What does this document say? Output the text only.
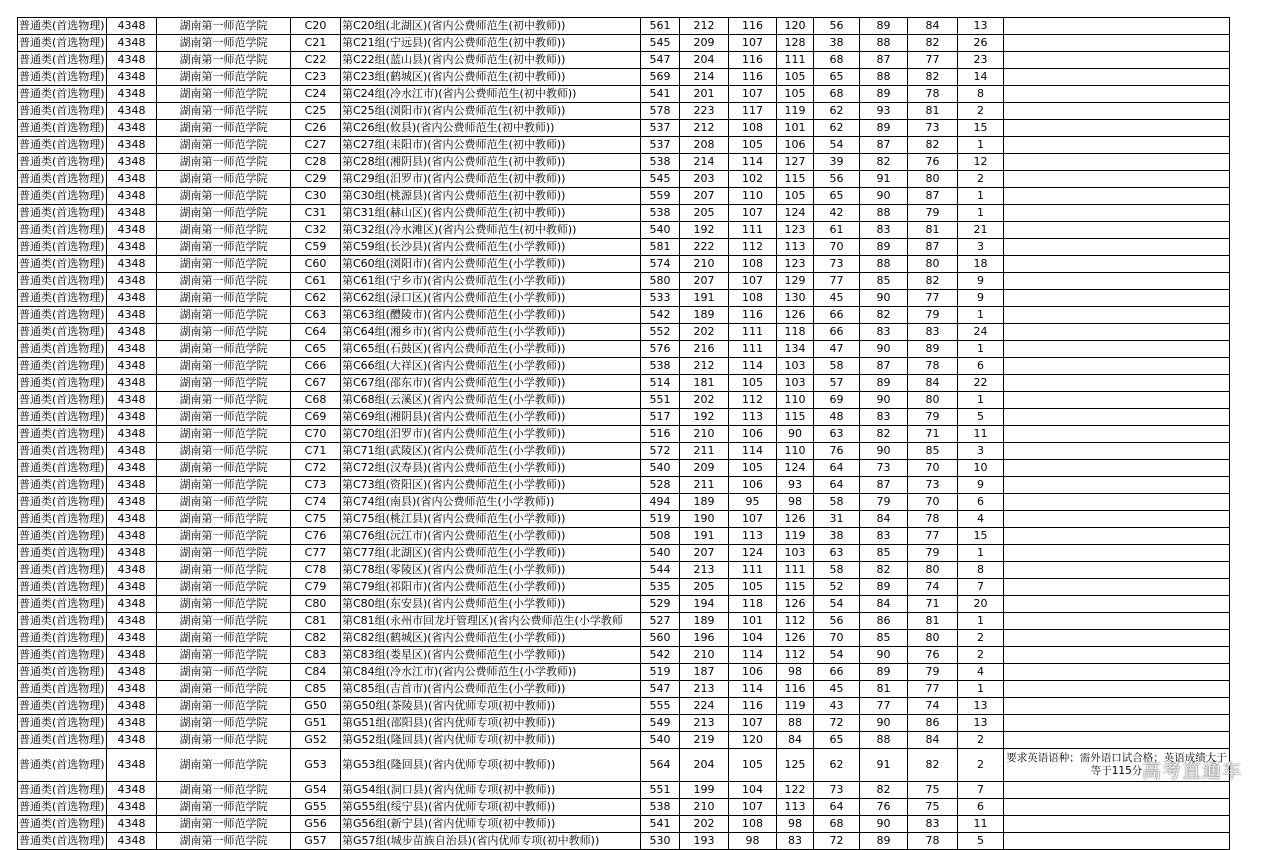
普通类(首选物理)	4348	湖南第一师范学院	C20	第C20组(北湖区)(省内公费师范生(初中教师))	561	212	116	120	56	89	84	13	
普通类(首选物理)	4348	湖南第一师范学院	C21	第C21组(宁远县)(省内公费师范生(初中教师))	545	209	107	128	38	88	82	26	
普通类(首选物理)	4348	湖南第一师范学院	C22	第C22组(蓝山县)(省内公费师范生(初中教师))	547	204	116	111	68	87	77	23	
普通类(首选物理)	4348	湖南第一师范学院	C23	第C23组(鹤城区)(省内公费师范生(初中教师))	569	214	116	105	65	88	82	14	
普通类(首选物理)	4348	湖南第一师范学院	C24	第C24组(冷水江市)(省内公费师范生(初中教师))	541	201	107	105	68	89	78	8	
普通类(首选物理)	4348	湖南第一师范学院	C25	第C25组(浏阳市)(省内公费师范生(初中教师))	578	223	117	119	62	93	81	2	
普通类(首选物理)	4348	湖南第一师范学院	C26	第C26组(攸县)(省内公费师范生(初中教师))	537	212	108	101	62	89	73	15	
普通类(首选物理)	4348	湖南第一师范学院	C27	第C27组(耒阳市)(省内公费师范生(初中教师))	537	208	105	106	54	87	82	1	
普通类(首选物理)	4348	湖南第一师范学院	C28	第C28组(湘阴县)(省内公费师范生(初中教师))	538	214	114	127	39	82	76	12	
普通类(首选物理)	4348	湖南第一师范学院	C29	第C29组(汨罗市)(省内公费师范生(初中教师))	545	203	102	115	56	91	80	2	
普通类(首选物理)	4348	湖南第一师范学院	C30	第C30组(桃源县)(省内公费师范生(初中教师))	559	207	110	105	65	90	87	1	
普通类(首选物理)	4348	湖南第一师范学院	C31	第C31组(赫山区)(省内公费师范生(初中教师))	538	205	107	124	42	88	79	1	
普通类(首选物理)	4348	湖南第一师范学院	C32	第C32组(冷水滩区)(省内公费师范生(初中教师))	540	192	111	123	61	83	81	21	
普通类(首选物理)	4348	湖南第一师范学院	C59	第C59组(长沙县)(省内公费师范生(小学教师))	581	222	112	113	70	89	87	3	
普通类(首选物理)	4348	湖南第一师范学院	C60	第C60组(浏阳市)(省内公费师范生(小学教师))	574	210	108	123	73	88	80	18	
普通类(首选物理)	4348	湖南第一师范学院	C61	第C61组(宁乡市)(省内公费师范生(小学教师))	580	207	107	129	77	85	82	9	
普通类(首选物理)	4348	湖南第一师范学院	C62	第C62组(渌口区)(省内公费师范生(小学教师))	533	191	108	130	45	90	77	9	
普通类(首选物理)	4348	湖南第一师范学院	C63	第C63组(醴陵市)(省内公费师范生(小学教师))	542	189	116	126	66	82	79	1	
普通类(首选物理)	4348	湖南第一师范学院	C64	第C64组(湘乡市)(省内公费师范生(小学教师))	552	202	111	118	66	83	83	24	
普通类(首选物理)	4348	湖南第一师范学院	C65	第C65组(石鼓区)(省内公费师范生(小学教师))	576	216	111	134	47	90	89	1	
普通类(首选物理)	4348	湖南第一师范学院	C66	第C66组(大祥区)(省内公费师范生(小学教师))	538	212	114	103	58	87	78	6	
普通类(首选物理)	4348	湖南第一师范学院	C67	第C67组(邵东市)(省内公费师范生(小学教师))	514	181	105	103	57	89	84	22	
普通类(首选物理)	4348	湖南第一师范学院	C68	第C68组(云溪区)(省内公费师范生(小学教师))	551	202	112	110	69	90	80	1	
普通类(首选物理)	4348	湖南第一师范学院	C69	第C69组(湘阴县)(省内公费师范生(小学教师))	517	192	113	115	48	83	79	5	
普通类(首选物理)	4348	湖南第一师范学院	C70	第C70组(汨罗市)(省内公费师范生(小学教师))	516	210	106	90	63	82	71	11	
普通类(首选物理)	4348	湖南第一师范学院	C71	第C71组(武陵区)(省内公费师范生(小学教师))	572	211	114	110	76	90	85	3	
普通类(首选物理)	4348	湖南第一师范学院	C72	第C72组(汉寿县)(省内公费师范生(小学教师))	540	209	105	124	64	73	70	10	
普通类(首选物理)	4348	湖南第一师范学院	C73	第C73组(资阳区)(省内公费师范生(小学教师))	528	211	106	93	64	87	73	9	
普通类(首选物理)	4348	湖南第一师范学院	C74	第C74组(南县)(省内公费师范生(小学教师))	494	189	95	98	58	79	70	6	
普通类(首选物理)	4348	湖南第一师范学院	C75	第C75组(桃江县)(省内公费师范生(小学教师))	519	190	107	126	31	84	78	4	
普通类(首选物理)	4348	湖南第一师范学院	C76	第C76组(沅江市)(省内公费师范生(小学教师))	508	191	113	119	38	83	77	15	
普通类(首选物理)	4348	湖南第一师范学院	C77	第C77组(北湖区)(省内公费师范生(小学教师))	540	207	124	103	63	85	79	1	
普通类(首选物理)	4348	湖南第一师范学院	C78	第C78组(零陵区)(省内公费师范生(小学教师))	544	213	111	111	58	82	80	8	
普通类(首选物理)	4348	湖南第一师范学院	C79	第C79组(祁阳市)(省内公费师范生(小学教师))	535	205	105	115	52	89	74	7	
普通类(首选物理)	4348	湖南第一师范学院	C80	第C80组(东安县)(省内公费师范生(小学教师))	529	194	118	126	54	84	71	20	
普通类(首选物理)	4348	湖南第一师范学院	C81	第C81组(永州市回龙圩管理区)(省内公费师范生(小学教师	527	189	101	112	56	86	81	1	
普通类(首选物理)	4348	湖南第一师范学院	C82	第C82组(鹤城区)(省内公费师范生(小学教师))	560	196	104	126	70	85	80	2	
普通类(首选物理)	4348	湖南第一师范学院	C83	第C83组(娄星区)(省内公费师范生(小学教师))	542	210	114	112	54	90	76	2	
普通类(首选物理)	4348	湖南第一师范学院	C84	第C84组(冷水江市)(省内公费师范生(小学教师))	519	187	106	98	66	89	79	4	
普通类(首选物理)	4348	湖南第一师范学院	C85	第C85组(吉首市)(省内公费师范生(小学教师))	547	213	114	116	45	81	77	1	
普通类(首选物理)	4348	湖南第一师范学院	G50	第G50组(茶陵县)(省内优师专项(初中教师))	555	224	116	119	43	77	74	13	
普通类(首选物理)	4348	湖南第一师范学院	G51	第G51组(邵阳县)(省内优师专项(初中教师))	549	213	107	88	72	90	86	13	
普通类(首选物理)	4348	湖南第一师范学院	G52	第G52组(隆回县)(省内优师专项(初中教师))	540	219	120	84	65	88	84	2	
普通类(首选物理)	4348	湖南第一师范学院	G53	第G53组(隆回县)(省内优师专项(初中教师))	564	204	105	125	62	91	82	2	要求英语语种；需外语口试合格；英语成绩大于等于115分
普通类(首选物理)	4348	湖南第一师范学院	G54	第G54组(洞口县)(省内优师专项(初中教师))	551	199	104	122	73	82	75	7	
普通类(首选物理)	4348	湖南第一师范学院	G55	第G55组(绥宁县)(省内优师专项(初中教师))	538	210	107	113	64	76	75	6	
普通类(首选物理)	4348	湖南第一师范学院	G56	第G56组(新宁县)(省内优师专项(初中教师))	541	202	108	98	68	90	83	11	
普通类(首选物理)	4348	湖南第一师范学院	G57	第G57组(城步苗族自治县)(省内优师专项(初中教师))	530	193	98	83	72	89	78	5	
高考直通车
